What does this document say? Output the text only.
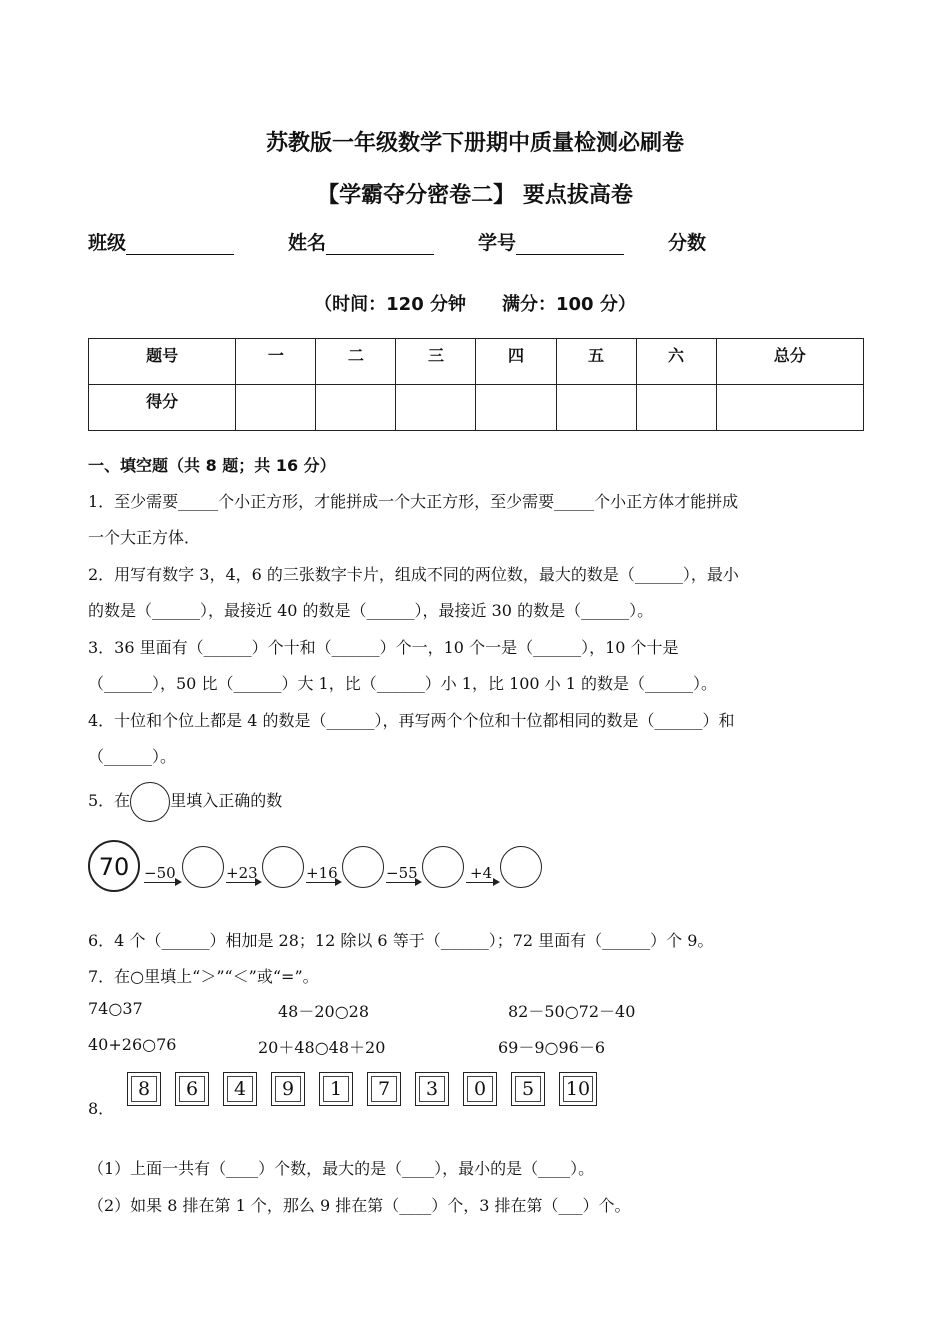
苏教版一年级数学下册期中质量检测必刷卷
【学霸夺分密卷二】 要点拔高卷
班级	姓名	学号	分数
（时间：120 分钟　　满分：100 分）
题号	一	二	三	四	五	六	总分
得分							
一、填空题（共 8 题；共 16 分）
1．至少需要_____个小正方形，才能拼成一个大正方形，至少需要_____个小正方体才能拼成
一个大正方体．
2．用写有数字 3，4，6 的三张数字卡片，组成不同的两位数，最大的数是（______），最小
的数是（______），最接近 40 的数是（______），最接近 30 的数是（______）。
3．36 里面有（______）个十和（______）个一，10 个一是（______），10 个十是
（______），50 比（______）大 1，比（______）小 1，比 100 小 1 的数是（______）。
4．十位和个位上都是 4 的数是（______），再写两个个位和十位都相同的数是（______）和
（______）。
5．在	里填入正确的数
70 −50	+23	+16	−55	+4
6．4 个（______）相加是 28；12 除以 6 等于（______）；72 里面有（______）个 9。
7．在○里填上“＞”“＜”或“=”。
74○37	48－20○28	82－50○72－40
40+26○76	20＋48○48＋20	69－9○96－6
8．
8	6	4	9	1	7	3	0	5	10
（1）上面一共有（____）个数，最大的是（____），最小的是（____）。
（2）如果 8 排在第 1 个，那么 9 排在第（____）个，3 排在第（___）个。
